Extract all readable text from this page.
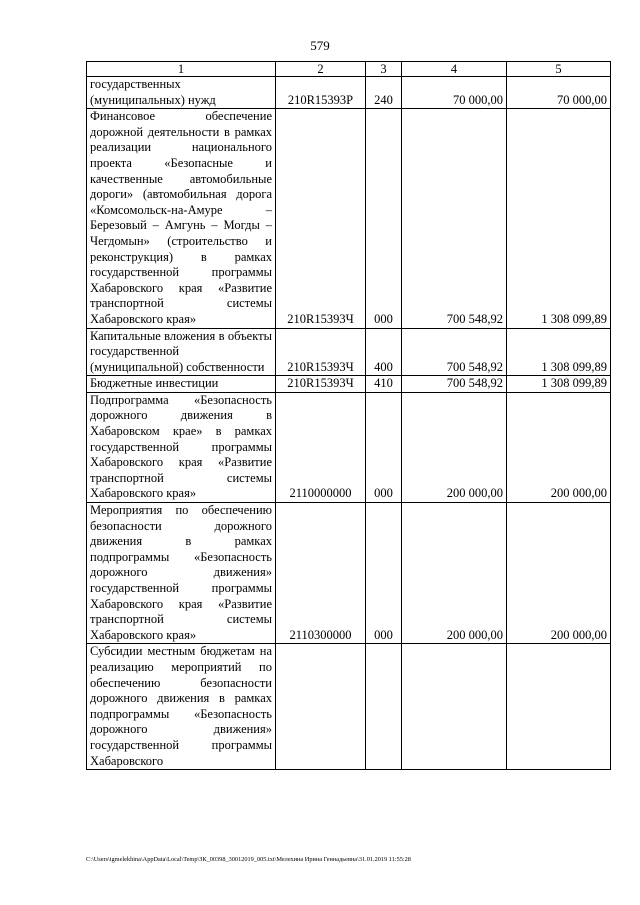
579
1	2	3	4	5
государственных (муниципальных) нужд	210R15393P	240	70 000,00	70 000,00
Финансовое обеспечение дорожной деятельности в рамках реализации национального проекта «Безопасные и качественные автомобильные дороги» (автомобильная дорога «Комсомольск-на-Амуре – Березовый – Амгунь – Могды – Чегдомын» (строительство и реконструкция) в рамках государственной программы Хабаровского края «Развитие транспортной системы Хабаровского края»	210R15393Ч	000	700 548,92	1 308 099,89
Капитальные вложения в объекты государственной (муниципальной) собственности	210R15393Ч	400	700 548,92	1 308 099,89
Бюджетные инвестиции	210R15393Ч	410	700 548,92	1 308 099,89
Подпрограмма «Безопасность дорожного движения в Хабаровском крае» в рамках государственной программы Хабаровского края «Развитие транспортной системы Хабаровского края»	2110000000	000	200 000,00	200 000,00
Мероприятия по обеспечению безопасности дорожного движения в рамках подпрограммы «Безопасность дорожного движения» государственной программы Хабаровского края «Развитие транспортной системы Хабаровского края»	2110300000	000	200 000,00	200 000,00
Субсидии местным бюджетам на реализацию мероприятий по обеспечению безопасности дорожного движения в рамках подпрограммы «Безопасность дорожного движения» государственной программы Хабаровского				
C:\Users\igmelekhina\AppData\Local\Temp\ЗК_00398_30012019_005.txt\Мелехина Ирина Геннадьевна\31.01.2019 11:55:28
